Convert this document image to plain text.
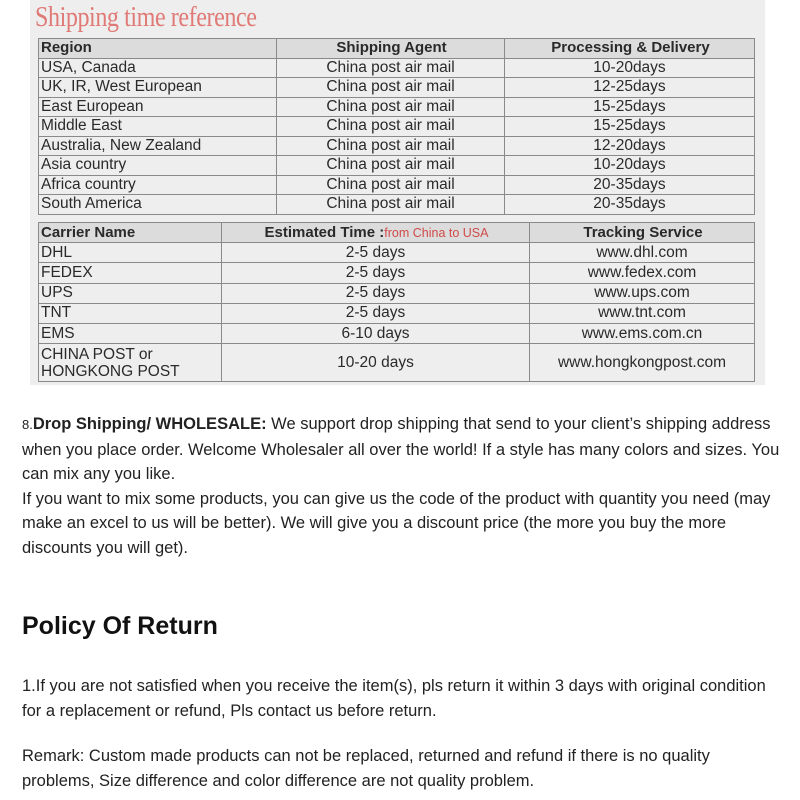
Shipping time reference
Region	Shipping Agent	Processing & Delivery
USA, Canada	China post air mail	10-20days
UK, IR, West European	China post air mail	12-25days
East European	China post air mail	15-25days
Middle East	China post air mail	15-25days
Australia, New Zealand	China post air mail	12-20days
Asia country	China post air mail	10-20days
Africa country	China post air mail	20-35days
South America	China post air mail	20-35days
Carrier Name	Estimated Time :from China to USA	Tracking Service
DHL	2-5 days	www.dhl.com
FEDEX	2-5 days	www.fedex.com
UPS	2-5 days	www.ups.com
TNT	2-5 days	www.tnt.com
EMS	6-10 days	www.ems.com.cn
CHINA POST or
HONGKONG POST	10-20 days	www.hongkongpost.com

8.Drop Shipping/ WHOLESALE: We support drop shipping that send to your client’s shipping address when you place order. Welcome Wholesaler all over the world! If a style has many colors and sizes. You can mix any you like.

If you want to mix some products, you can give us the code of the product with quantity you need (may make an excel to us will be better). We will give you a discount price (the more you buy the more discounts you will get).

Policy Of Return

1.If you are not satisfied when you receive the item(s), pls return it within 3 days with original condition for a replacement or refund, Pls contact us before return.

Remark: Custom made products can not be replaced, returned and refund if there is no quality problems, Size difference and color difference are not quality problem.
